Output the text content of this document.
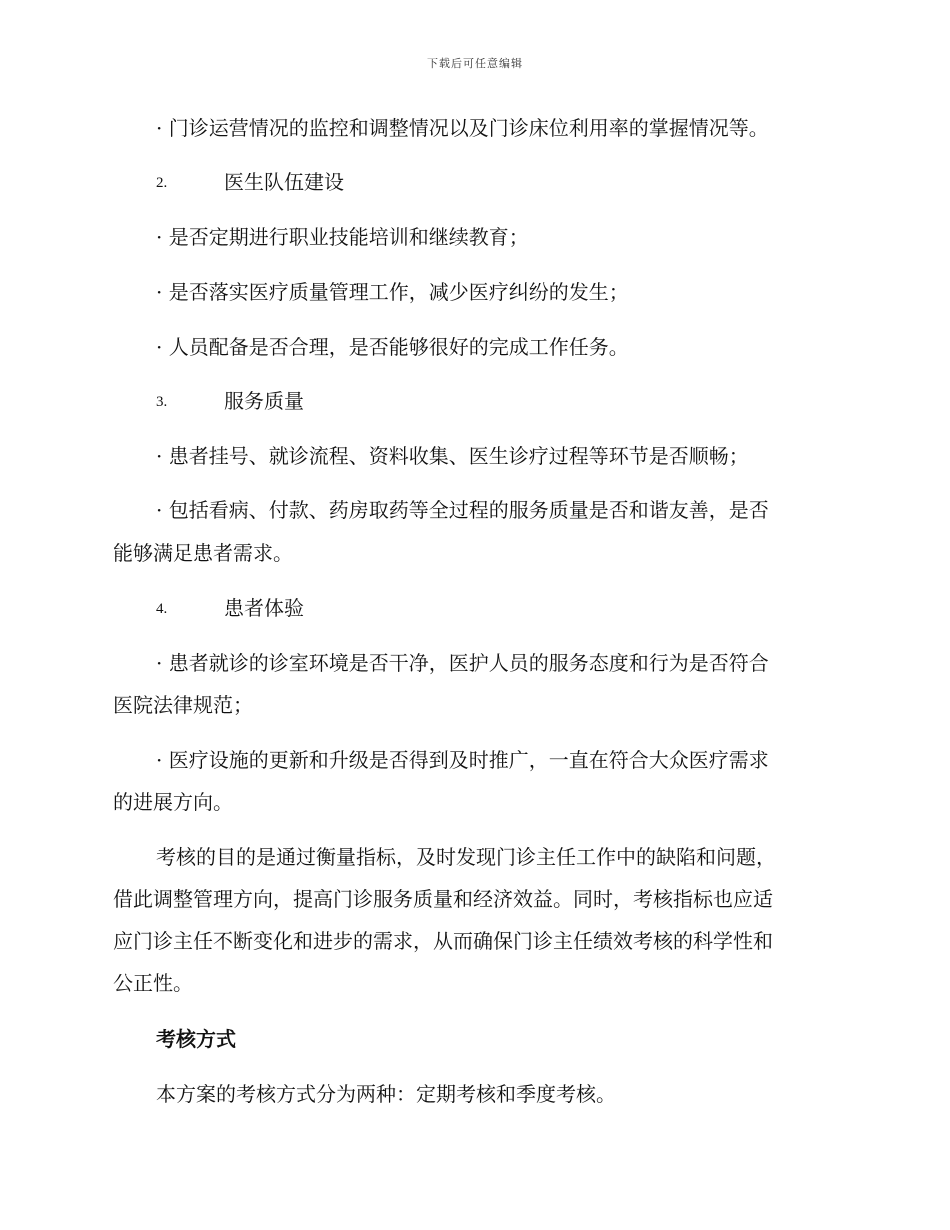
下载后可任意编辑
· 门诊运营情况的监控和调整情况以及门诊床位利用率的掌握情况等。
2.	医生队伍建设
· 是否定期进行职业技能培训和继续教育；
· 是否落实医疗质量管理工作，减少医疗纠纷的发生；
· 人员配备是否合理，是否能够很好的完成工作任务。
3.	服务质量
· 患者挂号、就诊流程、资料收集、医生诊疗过程等环节是否顺畅；
· 包括看病、付款、药房取药等全过程的服务质量是否和谐友善，是否
能够满足患者需求。
4.	患者体验
· 患者就诊的诊室环境是否干净，医护人员的服务态度和行为是否符合
医院法律规范；
· 医疗设施的更新和升级是否得到及时推广，一直在符合大众医疗需求
的进展方向。
考核的目的是通过衡量指标，及时发现门诊主任工作中的缺陷和问题，
借此调整管理方向，提高门诊服务质量和经济效益。同时，考核指标也应适
应门诊主任不断变化和进步的需求，从而确保门诊主任绩效考核的科学性和
公正性。
考核方式
本方案的考核方式分为两种：定期考核和季度考核。
